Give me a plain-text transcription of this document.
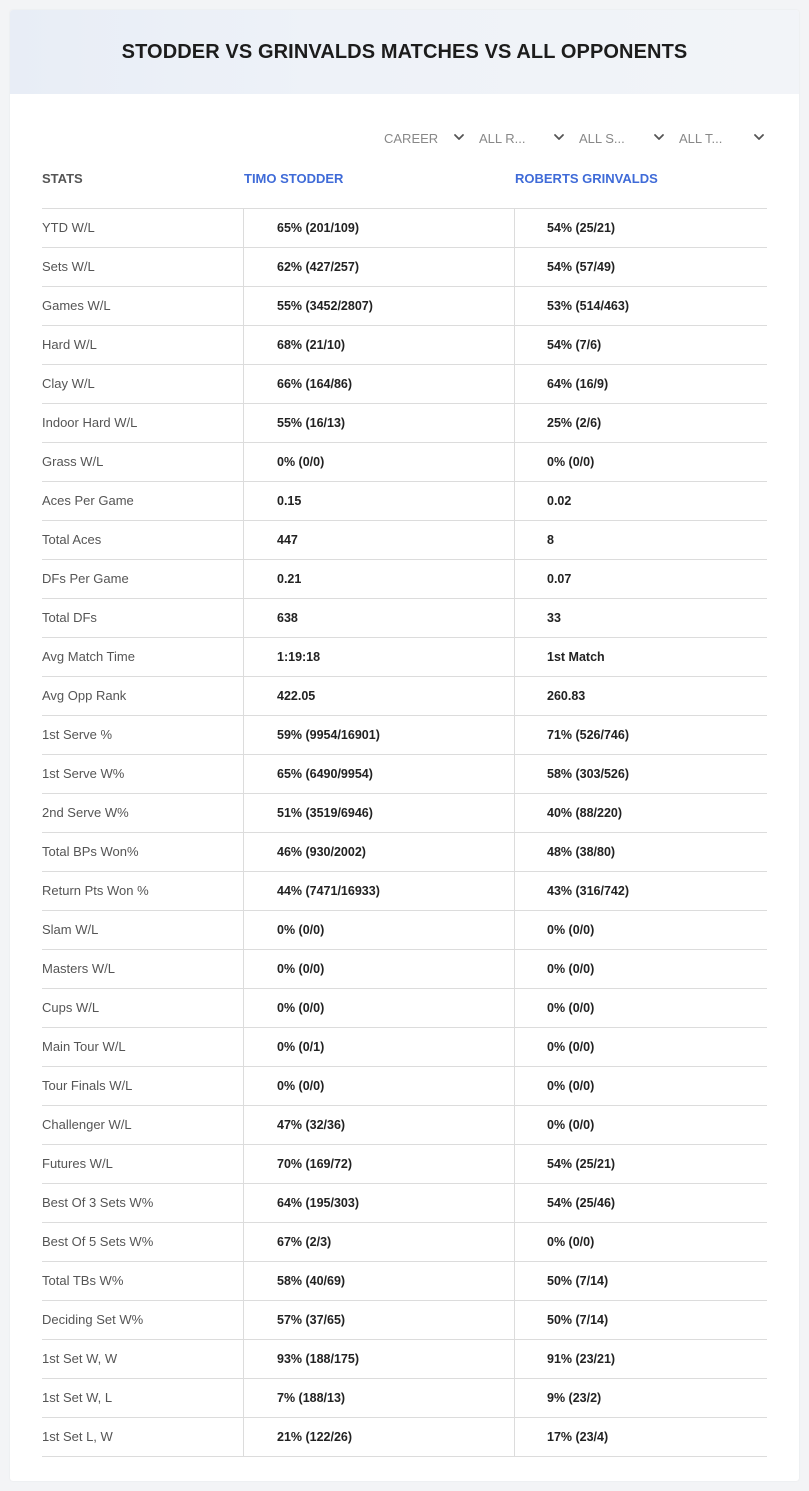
STODDER VS GRINVALDS MATCHES VS ALL OPPONENTS
CAREER	ALL R...	ALL S...	ALL T...
STATS	TIMO STODDER	ROBERTS GRINVALDS
YTD W/L	65% (201/109)	54% (25/21)
Sets W/L	62% (427/257)	54% (57/49)
Games W/L	55% (3452/2807)	53% (514/463)
Hard W/L	68% (21/10)	54% (7/6)
Clay W/L	66% (164/86)	64% (16/9)
Indoor Hard W/L	55% (16/13)	25% (2/6)
Grass W/L	0% (0/0)	0% (0/0)
Aces Per Game	0.15	0.02
Total Aces	447	8
DFs Per Game	0.21	0.07
Total DFs	638	33
Avg Match Time	1:19:18	1st Match
Avg Opp Rank	422.05	260.83
1st Serve %	59% (9954/16901)	71% (526/746)
1st Serve W%	65% (6490/9954)	58% (303/526)
2nd Serve W%	51% (3519/6946)	40% (88/220)
Total BPs Won%	46% (930/2002)	48% (38/80)
Return Pts Won %	44% (7471/16933)	43% (316/742)
Slam W/L	0% (0/0)	0% (0/0)
Masters W/L	0% (0/0)	0% (0/0)
Cups W/L	0% (0/0)	0% (0/0)
Main Tour W/L	0% (0/1)	0% (0/0)
Tour Finals W/L	0% (0/0)	0% (0/0)
Challenger W/L	47% (32/36)	0% (0/0)
Futures W/L	70% (169/72)	54% (25/21)
Best Of 3 Sets W%	64% (195/303)	54% (25/46)
Best Of 5 Sets W%	67% (2/3)	0% (0/0)
Total TBs W%	58% (40/69)	50% (7/14)
Deciding Set W%	57% (37/65)	50% (7/14)
1st Set W, W	93% (188/175)	91% (23/21)
1st Set W, L	7% (188/13)	9% (23/2)
1st Set L, W	21% (122/26)	17% (23/4)
